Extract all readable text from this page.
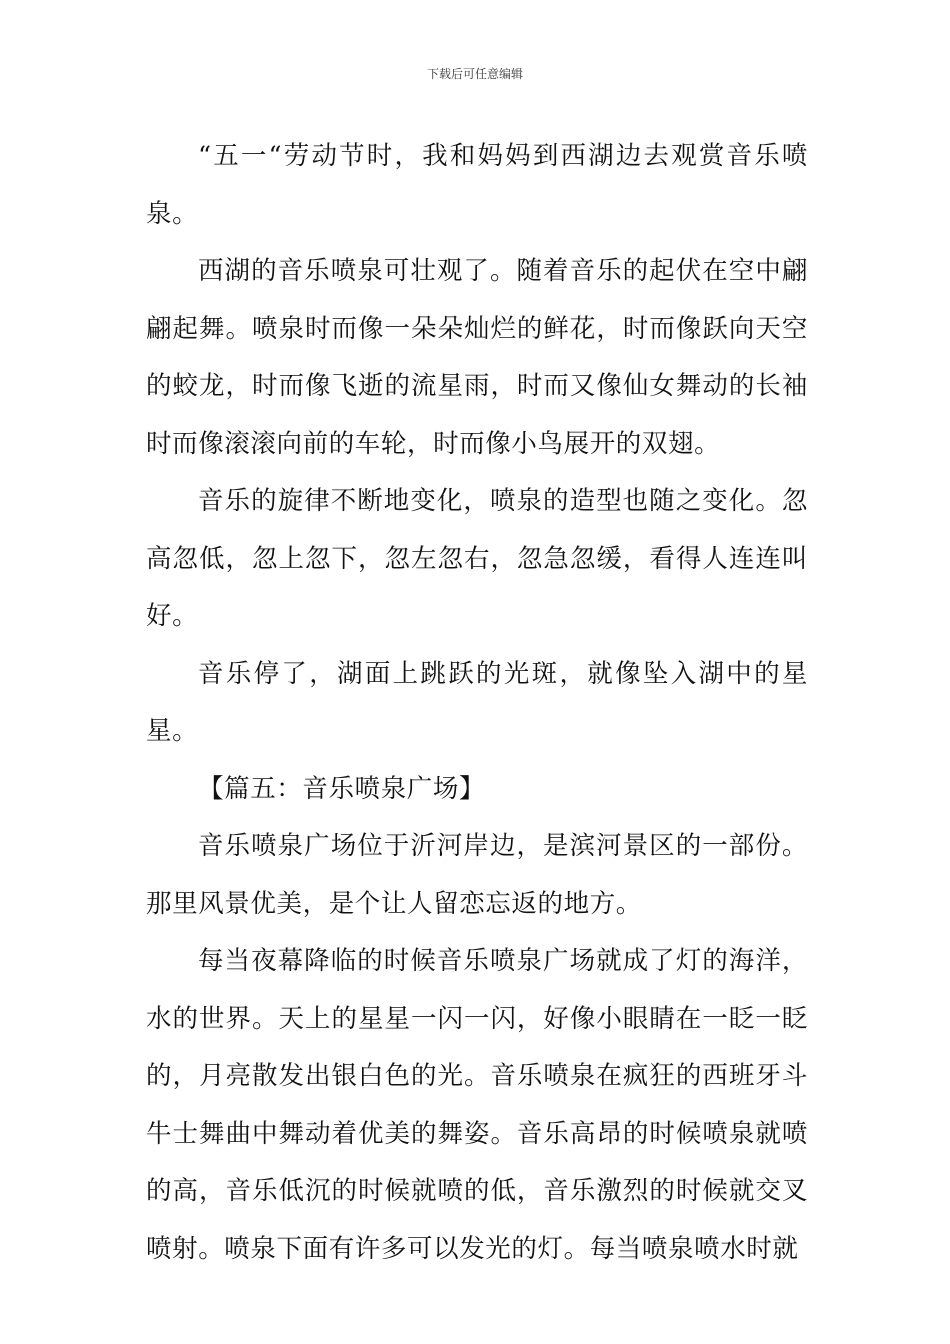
下载后可任意编辑

“五一“劳动节时，我和妈妈到西湖边去观赏音乐喷泉。

西湖的音乐喷泉可壮观了。随着音乐的起伏在空中翩翩起舞。喷泉时而像一朵朵灿烂的鲜花，时而像跃向天空的蛟龙，时而像飞逝的流星雨，时而又像仙女舞动的长袖时而像滚滚向前的车轮，时而像小鸟展开的双翅。

音乐的旋律不断地变化，喷泉的造型也随之变化。忽高忽低，忽上忽下，忽左忽右，忽急忽缓，看得人连连叫好。

音乐停了，湖面上跳跃的光斑，就像坠入湖中的星星。

【篇五：音乐喷泉广场】

音乐喷泉广场位于沂河岸边，是滨河景区的一部份。那里风景优美，是个让人留恋忘返的地方。

每当夜幕降临的时候音乐喷泉广场就成了灯的海洋，水的世界。天上的星星一闪一闪，好像小眼睛在一眨一眨的，月亮散发出银白色的光。音乐喷泉在疯狂的西班牙斗牛士舞曲中舞动着优美的舞姿。音乐高昂的时候喷泉就喷的高，音乐低沉的时候就喷的低，音乐激烈的时候就交叉喷射。喷泉下面有许多可以发光的灯。每当喷泉喷水时就
